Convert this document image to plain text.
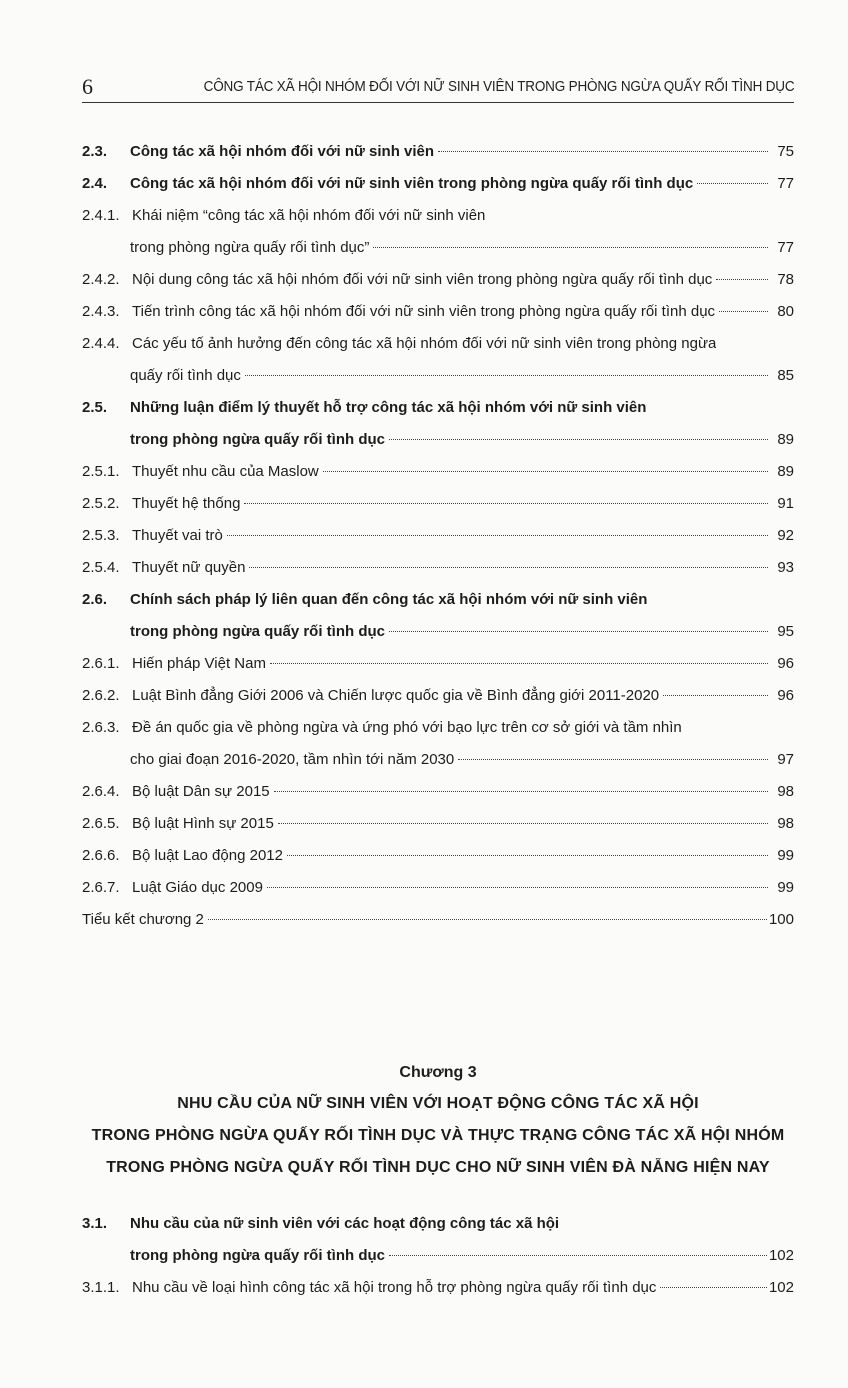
6	CÔNG TÁC XÃ HỘI NHÓM ĐỐI VỚI NỮ SINH VIÊN TRONG PHÒNG NGỪA QUẤY RỐI TÌNH DỤC
2.3.	Công tác xã hội nhóm đối với nữ sinh viên	75
2.4.	Công tác xã hội nhóm đối với nữ sinh viên trong phòng ngừa quấy rối tình dục	77
2.4.1. Khái niệm “công tác xã hội nhóm đối với nữ sinh viên
trong phòng ngừa quấy rối tình dục”	77
2.4.2. Nội dung công tác xã hội nhóm đối với nữ sinh viên trong phòng ngừa quấy rối tình dục	78
2.4.3. Tiến trình công tác xã hội nhóm đối với nữ sinh viên trong phòng ngừa quấy rối tình dục	80
2.4.4. Các yếu tố ảnh hưởng đến công tác xã hội nhóm đối với nữ sinh viên trong phòng ngừa
quấy rối tình dục	85
2.5.	Những luận điểm lý thuyết hỗ trợ công tác xã hội nhóm với nữ sinh viên
trong phòng ngừa quấy rối tình dục	89
2.5.1. Thuyết nhu cầu của Maslow	89
2.5.2. Thuyết hệ thống	91
2.5.3. Thuyết vai trò	92
2.5.4. Thuyết nữ quyền	93
2.6.	Chính sách pháp lý liên quan đến công tác xã hội nhóm với nữ sinh viên
trong phòng ngừa quấy rối tình dục	95
2.6.1. Hiến pháp Việt Nam	96
2.6.2. Luật Bình đẳng Giới 2006 và Chiến lược quốc gia về Bình đẳng giới 2011-2020	96
2.6.3. Đề án quốc gia về phòng ngừa và ứng phó với bạo lực trên cơ sở giới và tầm nhìn
cho giai đoạn 2016-2020, tầm nhìn tới năm 2030	97
2.6.4. Bộ luật Dân sự 2015	98
2.6.5. Bộ luật Hình sự 2015	98
2.6.6. Bộ luật Lao động 2012	99
2.6.7. Luật Giáo dục 2009	99
Tiểu kết chương 2	100
Chương 3
NHU CẦU CỦA NỮ SINH VIÊN VỚI HOẠT ĐỘNG CÔNG TÁC XÃ HỘI
TRONG PHÒNG NGỪA QUẤY RỐI TÌNH DỤC VÀ THỰC TRẠNG CÔNG TÁC XÃ HỘI NHÓM
TRONG PHÒNG NGỪA QUẤY RỐI TÌNH DỤC CHO NỮ SINH VIÊN ĐÀ NẴNG HIỆN NAY
3.1.	Nhu cầu của nữ sinh viên với các hoạt động công tác xã hội
trong phòng ngừa quấy rối tình dục	102
3.1.1. Nhu cầu về loại hình công tác xã hội trong hỗ trợ phòng ngừa quấy rối tình dục	102
